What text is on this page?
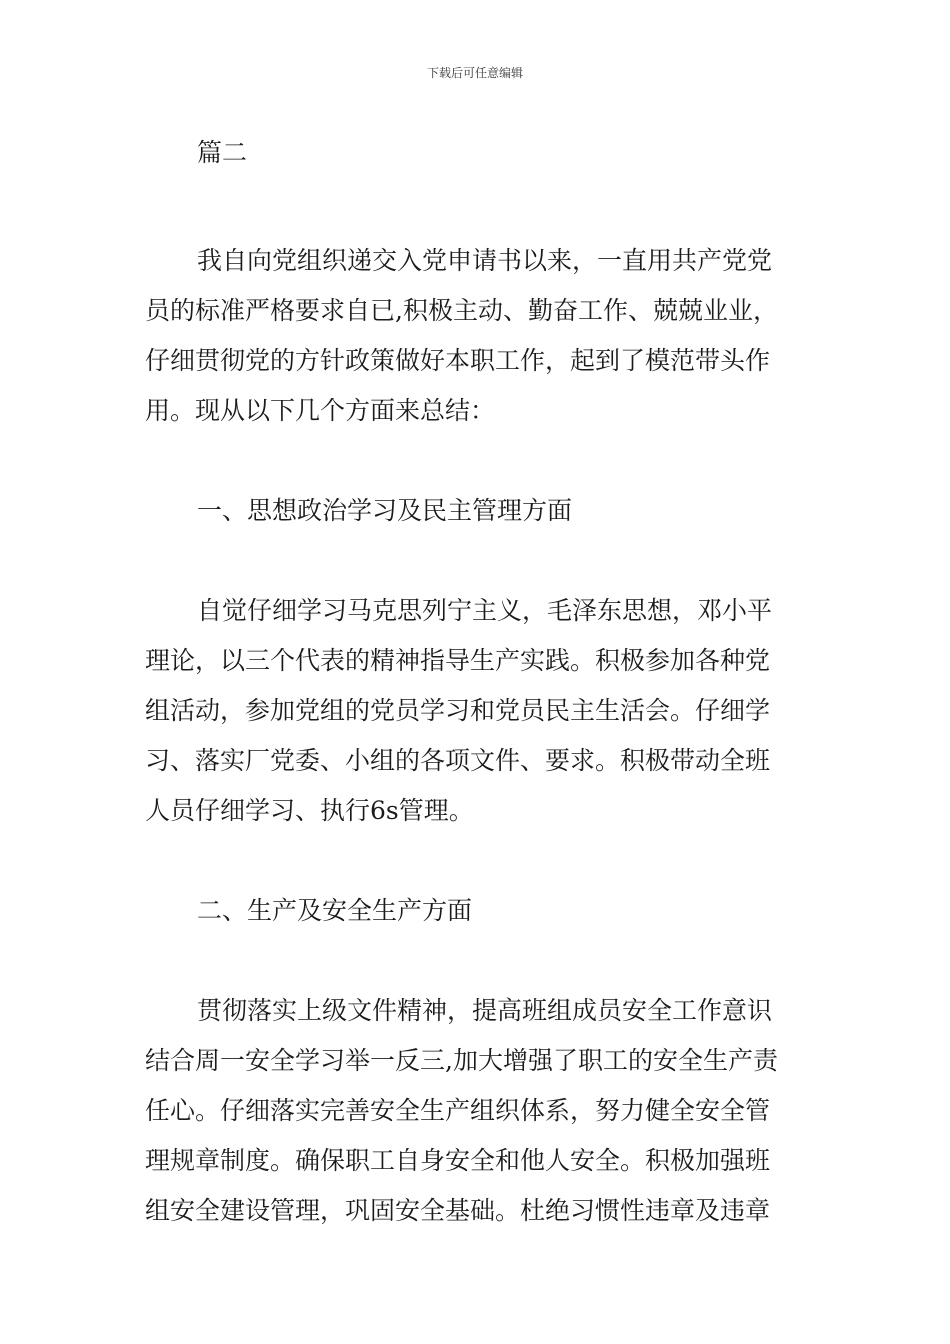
下载后可任意编辑
篇二
我自向党组织递交入党申请书以来，一直用共产党党
员的标准严格要求自已,积极主动、勤奋工作、兢兢业业，
仔细贯彻党的方针政策做好本职工作，起到了模范带头作
用。现从以下几个方面来总结：
一、思想政治学习及民主管理方面
自觉仔细学习马克思列宁主义，毛泽东思想，邓小平
理论，以三个代表的精神指导生产实践。积极参加各种党
组活动，参加党组的党员学习和党员民主生活会。仔细学
习、落实厂党委、小组的各项文件、要求。积极带动全班
人员仔细学习、执行6s管理。
二、生产及安全生产方面
贯彻落实上级文件精神，提高班组成员安全工作意识
结合周一安全学习举一反三,加大增强了职工的安全生产责
任心。仔细落实完善安全生产组织体系，努力健全安全管
理规章制度。确保职工自身安全和他人安全。积极加强班
组安全建设管理，巩固安全基础。杜绝习惯性违章及违章
